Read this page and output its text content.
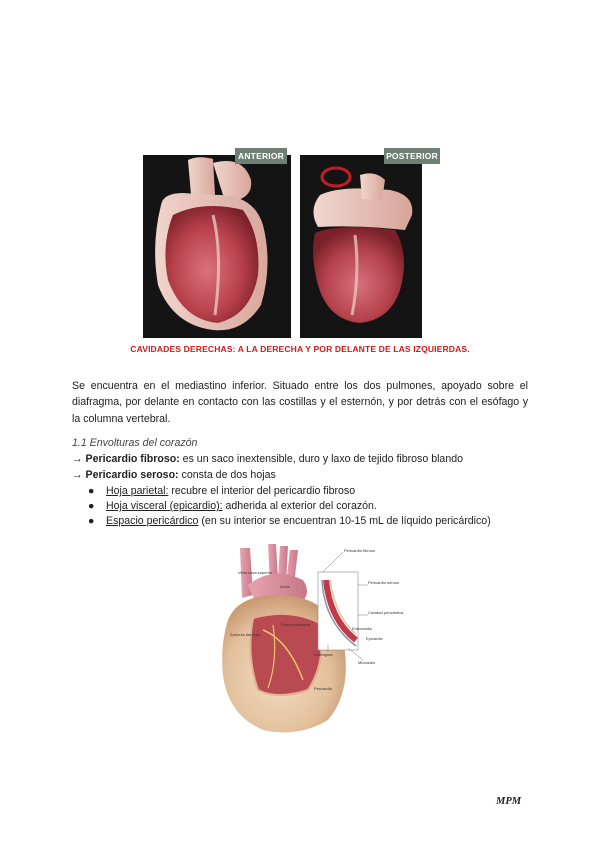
ANTERIOR	POSTERIOR
CAVIDADES DERECHAS: A LA DERECHA Y POR DELANTE DE LAS IZQUIERDAS.
Se encuentra en el mediastino inferior. Situado entre los dos pulmones, apoyado sobre el diafragma, por delante en contacto con las costillas y el esternón, y por detrás con el esófago y la columna vertebral.
1.1 Envolturas del corazón
→ Pericardio fibroso: es un saco inextensible, duro y laxo de tejido fibroso blando
→ Pericardio seroso: consta de dos hojas
● Hoja parietal: recubre el interior del pericardio fibroso
● Hoja visceral (epicardio): adherida al exterior del corazón.
● Espacio pericárdico (en su interior se encuentran 10-15 mL de líquido pericárdico)
Pericardio fibroso
Vena cava superior
Aorta
Pericardio seroso
Tronco pulmonar
Cavidad pericárdica
Aurícula derecha
Diafragma
Miocardio
Pericardio
Endocardio
Epicardio
MPM
